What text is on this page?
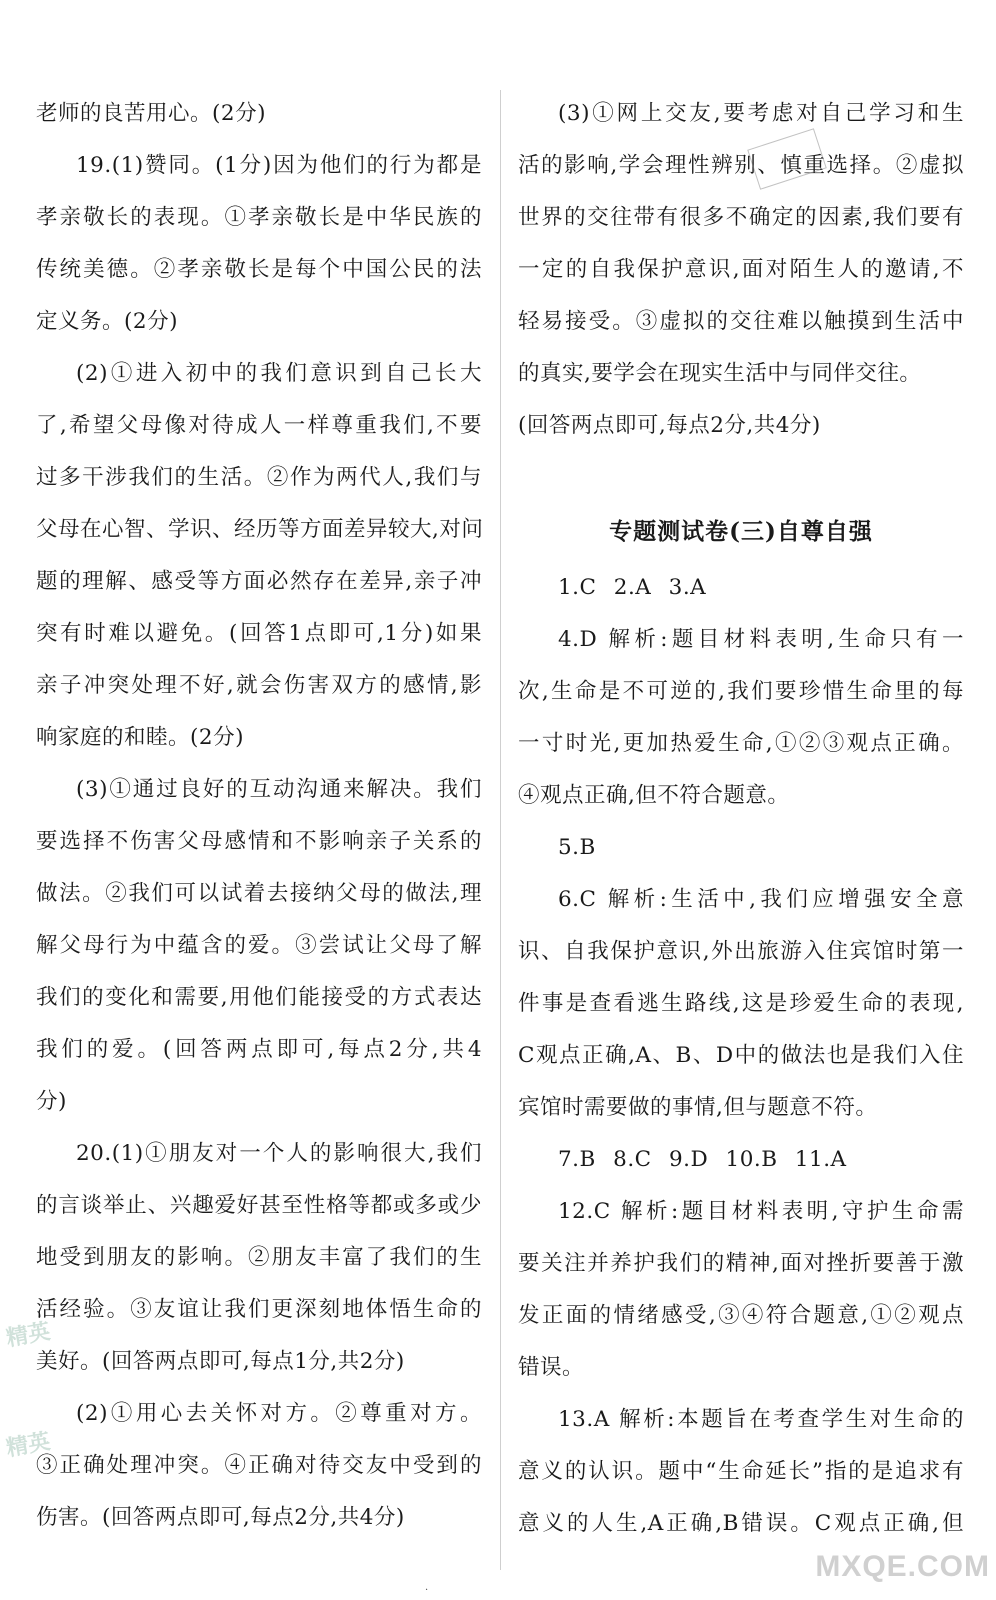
老师的良苦用心。(2分)
19.(1)赞同。(1分)因为他们的行为都是
孝亲敬长的表现。①孝亲敬长是中华民族的
传统美德。②孝亲敬长是每个中国公民的法
定义务。(2分)
(2)①进入初中的我们意识到自己长大
了,希望父母像对待成人一样尊重我们,不要
过多干涉我们的生活。②作为两代人,我们与
父母在心智、学识、经历等方面差异较大,对问
题的理解、感受等方面必然存在差异,亲子冲
突有时难以避免。(回答1点即可,1分)如果
亲子冲突处理不好,就会伤害双方的感情,影
响家庭的和睦。(2分)
(3)①通过良好的互动沟通来解决。我们
要选择不伤害父母感情和不影响亲子关系的
做法。②我们可以试着去接纳父母的做法,理
解父母行为中蕴含的爱。③尝试让父母了解
我们的变化和需要,用他们能接受的方式表达
我们的爱。(回答两点即可,每点2分,共4
分)
20.(1)①朋友对一个人的影响很大,我们
的言谈举止、兴趣爱好甚至性格等都或多或少
地受到朋友的影响。②朋友丰富了我们的生
活经验。③友谊让我们更深刻地体悟生命的
美好。(回答两点即可,每点1分,共2分)
(2)①用心去关怀对方。②尊重对方。
③正确处理冲突。④正确对待交友中受到的
伤害。(回答两点即可,每点2分,共4分)
(3)①网上交友,要考虑对自己学习和生
活的影响,学会理性辨别、慎重选择。②虚拟
世界的交往带有很多不确定的因素,我们要有
一定的自我保护意识,面对陌生人的邀请,不
轻易接受。③虚拟的交往难以触摸到生活中
的真实,要学会在现实生活中与同伴交往。
(回答两点即可,每点2分,共4分)
专题测试卷(三)自尊自强
1.C 2.A 3.A
4.D 解析:题目材料表明,生命只有一
次,生命是不可逆的,我们要珍惜生命里的每
一寸时光,更加热爱生命,①②③观点正确。
④观点正确,但不符合题意。
5.B
6.C 解析:生活中,我们应增强安全意
识、自我保护意识,外出旅游入住宾馆时第一
件事是查看逃生路线,这是珍爱生命的表现,
C观点正确,A、B、D中的做法也是我们入住
宾馆时需要做的事情,但与题意不符。
7.B 8.C 9.D 10.B 11.A
12.C 解析:题目材料表明,守护生命需
要关注并养护我们的精神,面对挫折要善于激
发正面的情绪感受,③④符合题意,①②观点
错误。
13.A 解析:本题旨在考查学生对生命的
意义的认识。题中“生命延长”指的是追求有
意义的人生,A正确,B错误。C观点正确,但
精英
精英
·
MXQE.COM
